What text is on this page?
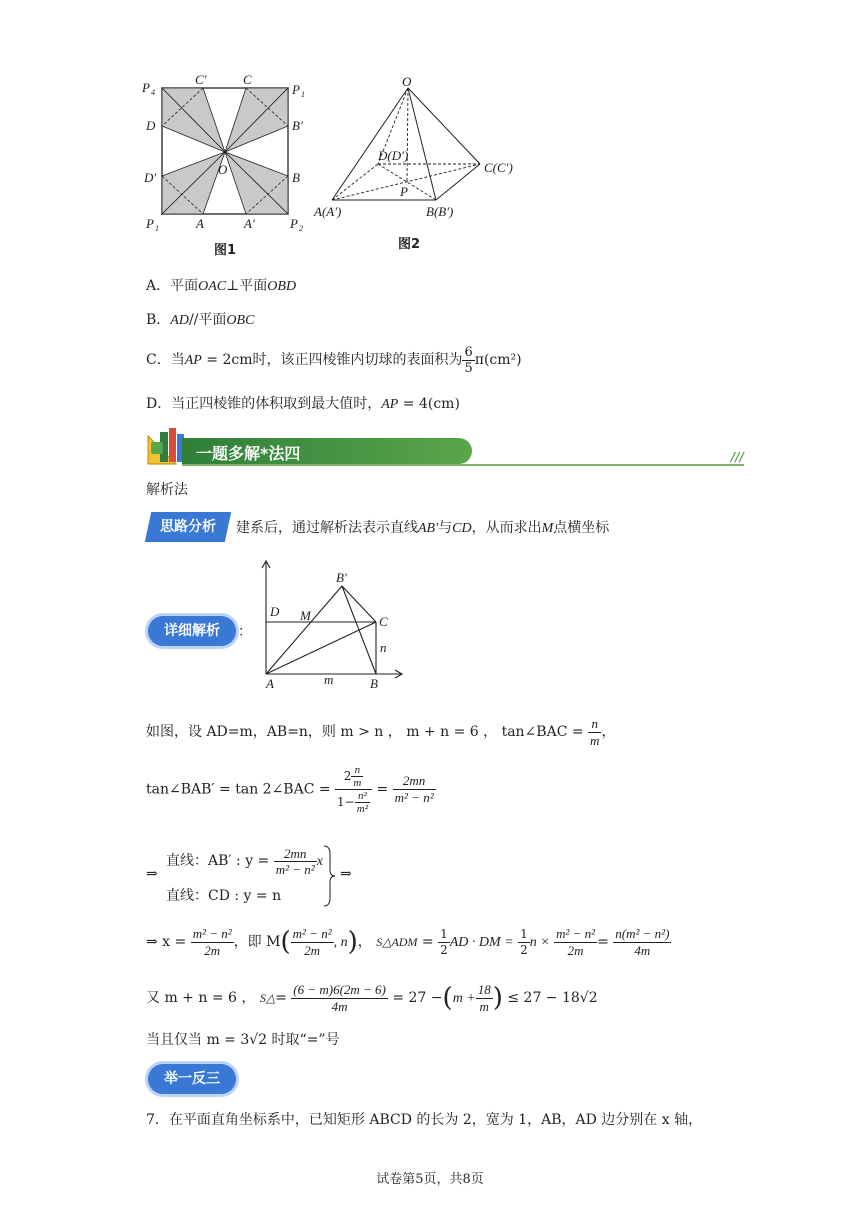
P 4	P 1
C′	C
D	B′
O
D′	B
P 1	A	A′	P 2
图1
O
D(D′)
C(C′)
P
A(A′)	B(B′)
图2
A．平面OAC⊥平面OBD
B．AD//平面OBC
C．当AP = 2cm时，该正四棱锥内切球的表面积为 $\frac{6}{5} \pi(cm^2)$
D．当正四棱锥的体积取到最大值时，AP = 4(cm)
一题多解*法四	///
解析法
思路分析	建系后，通过解析法表示直线AB′与CD，从而求出M点横坐标
详细解析	：
B′
D M	C
n
A	m	B
如图，设 AD=m，AB=n，则 m > n ， m + n = 6 ， tan∠BAC = $\frac{n}{m}$ ，
tan∠BAB′ = tan 2∠BAC = $\frac{2 \frac{n}{m}}{1- \frac{\text{n²}}{\text{m²}}} = \frac{2mn}{\text{m² − n²}}$
⇒
直线：AB′ : $y = \frac{2mn}{\text{m² − n²}}$ x
直线：CD : y = n
⇒
⇒ $x = \frac{\text{m² − n²}}{2m}$ ，即 $M( \frac{\text{m² − n²}}{2m}$ , n)， S△ADM = $\frac{1}{2}$ AD · DM = $\frac{1}{2}$ $n \times \frac{\text{m² − n²}}{2m} = \frac{\text{n(m² − n²)}}{4m}$
又 m + n = 6 ， S△= $\frac{(6 - m)6(2m - 6)}{4m} = 27 -(m + \frac{18}{m}$ ) ≤ 27 − 18√2
当且仅当 m = 3√2 时取“=”号
举一反三
7．在平面直角坐标系中，已知矩形 ABCD 的长为 2，宽为 1，AB，AD 边分别在 x 轴，
试卷第5页，共8页
